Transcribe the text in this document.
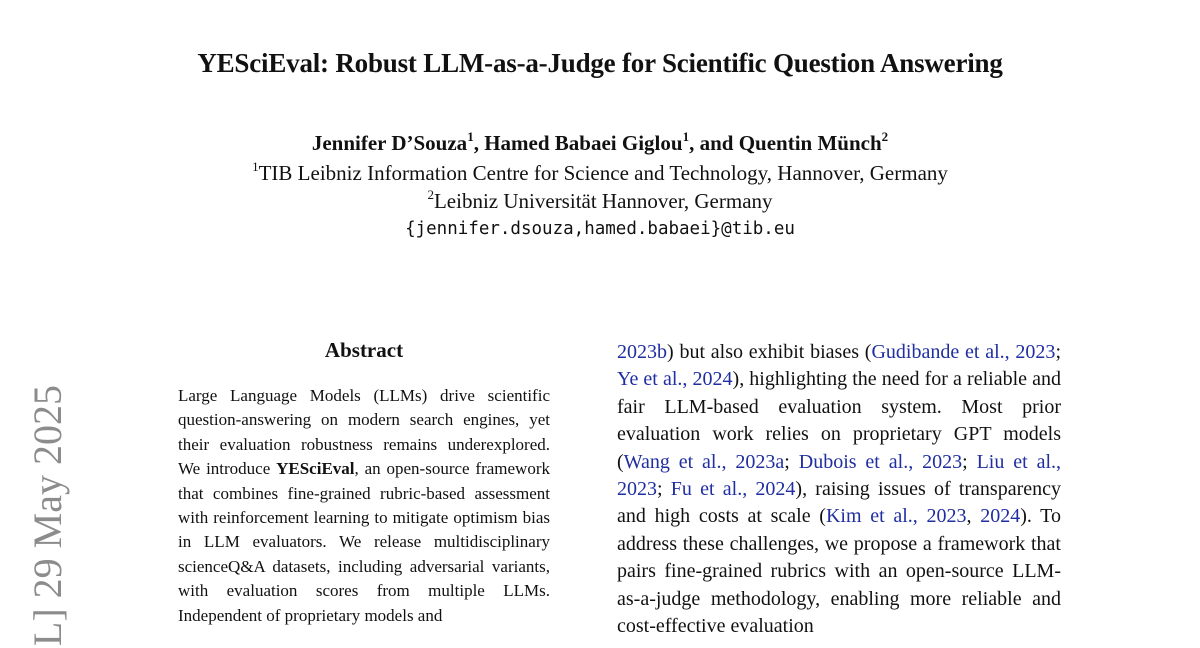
YESciEval: Robust LLM-as-a-Judge for Scientific Question Answering
Jennifer D’Souza$^1$, Hamed Babaei Giglou$^1$, and Quentin Münch$^2$
$^1$TIB Leibniz Information Centre for Science and Technology, Hannover, Germany
$^2$Leibniz Universität Hannover, Germany
{jennifer.dsouza,hamed.babaei}@tib.eu
L] 29 May 2025
Abstract
Large Language Models (LLMs) drive scientific question-answering on modern search engines, yet their evaluation robustness remains underexplored. We introduce YESciEval, an open-source framework that combines fine-grained rubric-based assessment with reinforcement learning to mitigate optimism bias in LLM evaluators. We release multidisciplinary scienceQ&A datasets, including adversarial variants, with evaluation scores from multiple LLMs. Independent of proprietary models and
2023b) but also exhibit biases (Gudibande et al., 2023; Ye et al., 2024), highlighting the need for a reliable and fair LLM-based evaluation system. Most prior evaluation work relies on proprietary GPT models (Wang et al., 2023a; Dubois et al., 2023; Liu et al., 2023; Fu et al., 2024), raising issues of transparency and high costs at scale (Kim et al., 2023, 2024). To address these challenges, we propose a framework that pairs fine-grained rubrics with an open-source LLM-as-a-judge methodology, enabling more reliable and cost-effective evaluation
